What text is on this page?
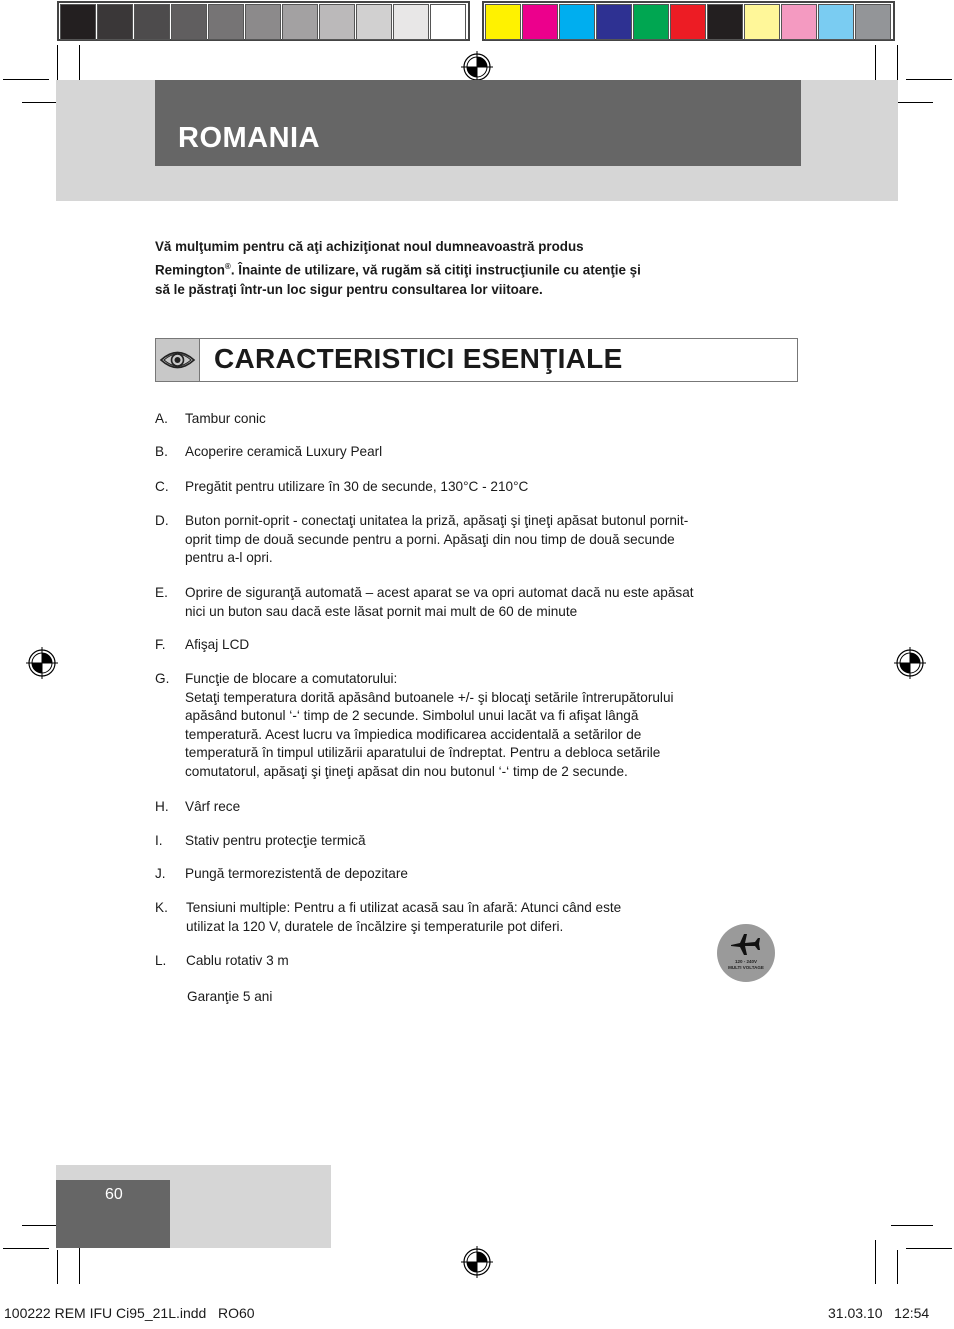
ROMANIA
Vă mulţumim pentru că aţi achiziţionat noul dumneavoastră produs
Remington®. Înainte de utilizare, vă rugăm să citiţi instrucţiunile cu atenţie şi
să le păstraţi într-un loc sigur pentru consultarea lor viitoare.
CARACTERISTICI ESENŢIALE
A.	Tambur conic
B.	Acoperire ceramică Luxury Pearl
C.	Pregătit pentru utilizare în 30 de secunde, 130°C - 210°C
D.	Buton pornit-oprit - conectaţi unitatea la priză, apăsaţi şi ţineţi apăsat butonul pornit-
oprit timp de două secunde pentru a porni. Apăsaţi din nou timp de două secunde
pentru a-l opri.
E.	Oprire de siguranţă automată – acest aparat se va opri automat dacă nu este apăsat
nici un buton sau dacă este lăsat pornit mai mult de 60 de minute
F.	Afişaj LCD
G.	Funcţie de blocare a comutatorului:
Setaţi temperatura dorită apăsând butoanele +/- şi blocaţi setările întrerupătorului
apăsând butonul ‘-‘ timp de 2 secunde. Simbolul unui lacăt va fi afişat lângă
temperatură. Acest lucru va împiedica modificarea accidentală a setărilor de
temperatură în timpul utilizării aparatului de îndreptat. Pentru a debloca setările
comutatorul, apăsaţi şi ţineţi apăsat din nou butonul ‘-‘ timp de 2 secunde.
H.	Vârf rece
I.	Stativ pentru protecţie termică
J.	Pungă termorezistentă de depozitare
K.	Tensiuni multiple: Pentru a fi utilizat acasă sau în afară: Atunci când este
utilizat la 120 V, duratele de încălzire şi temperaturile pot diferi.
L.	Cablu rotativ 3 m
Garanţie 5 ani
120 - 240V
MULTI VOLTAGE
60
100222 REM IFU Ci95_21L.indd   RO60	31.03.10   12:54
